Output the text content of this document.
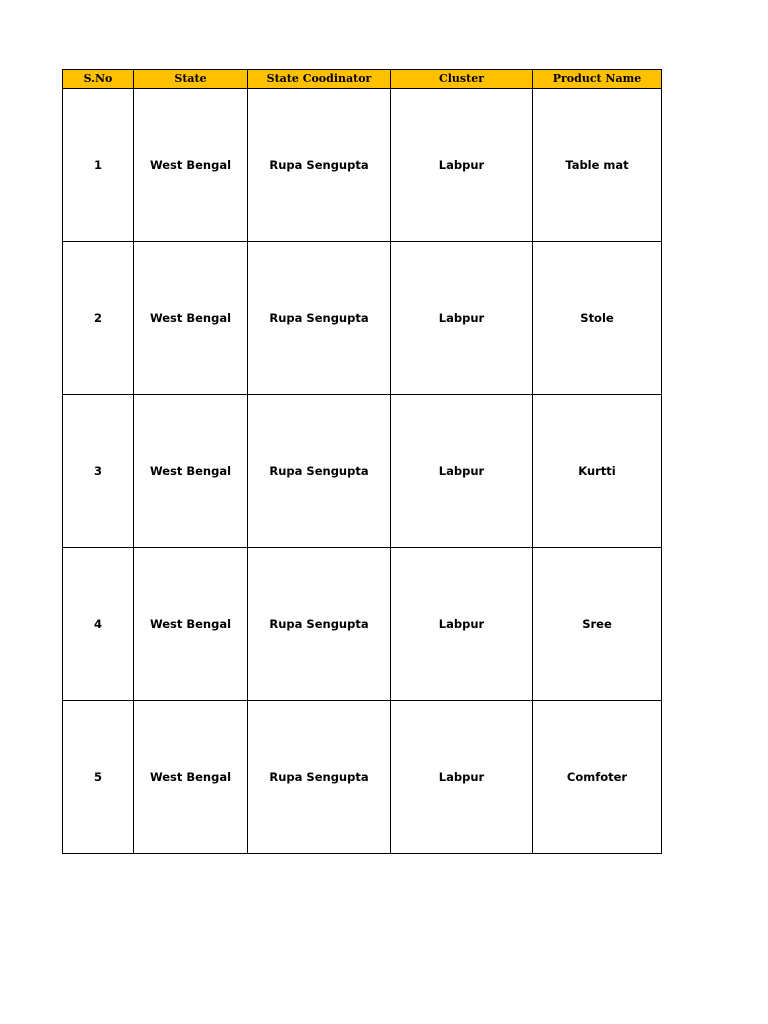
S.No	State	State Coodinator	Cluster	Product Name
1	West Bengal	Rupa Sengupta	Labpur	Table mat
2	West Bengal	Rupa Sengupta	Labpur	Stole
3	West Bengal	Rupa Sengupta	Labpur	Kurtti
4	West Bengal	Rupa Sengupta	Labpur	Sree
5	West Bengal	Rupa Sengupta	Labpur	Comfoter
